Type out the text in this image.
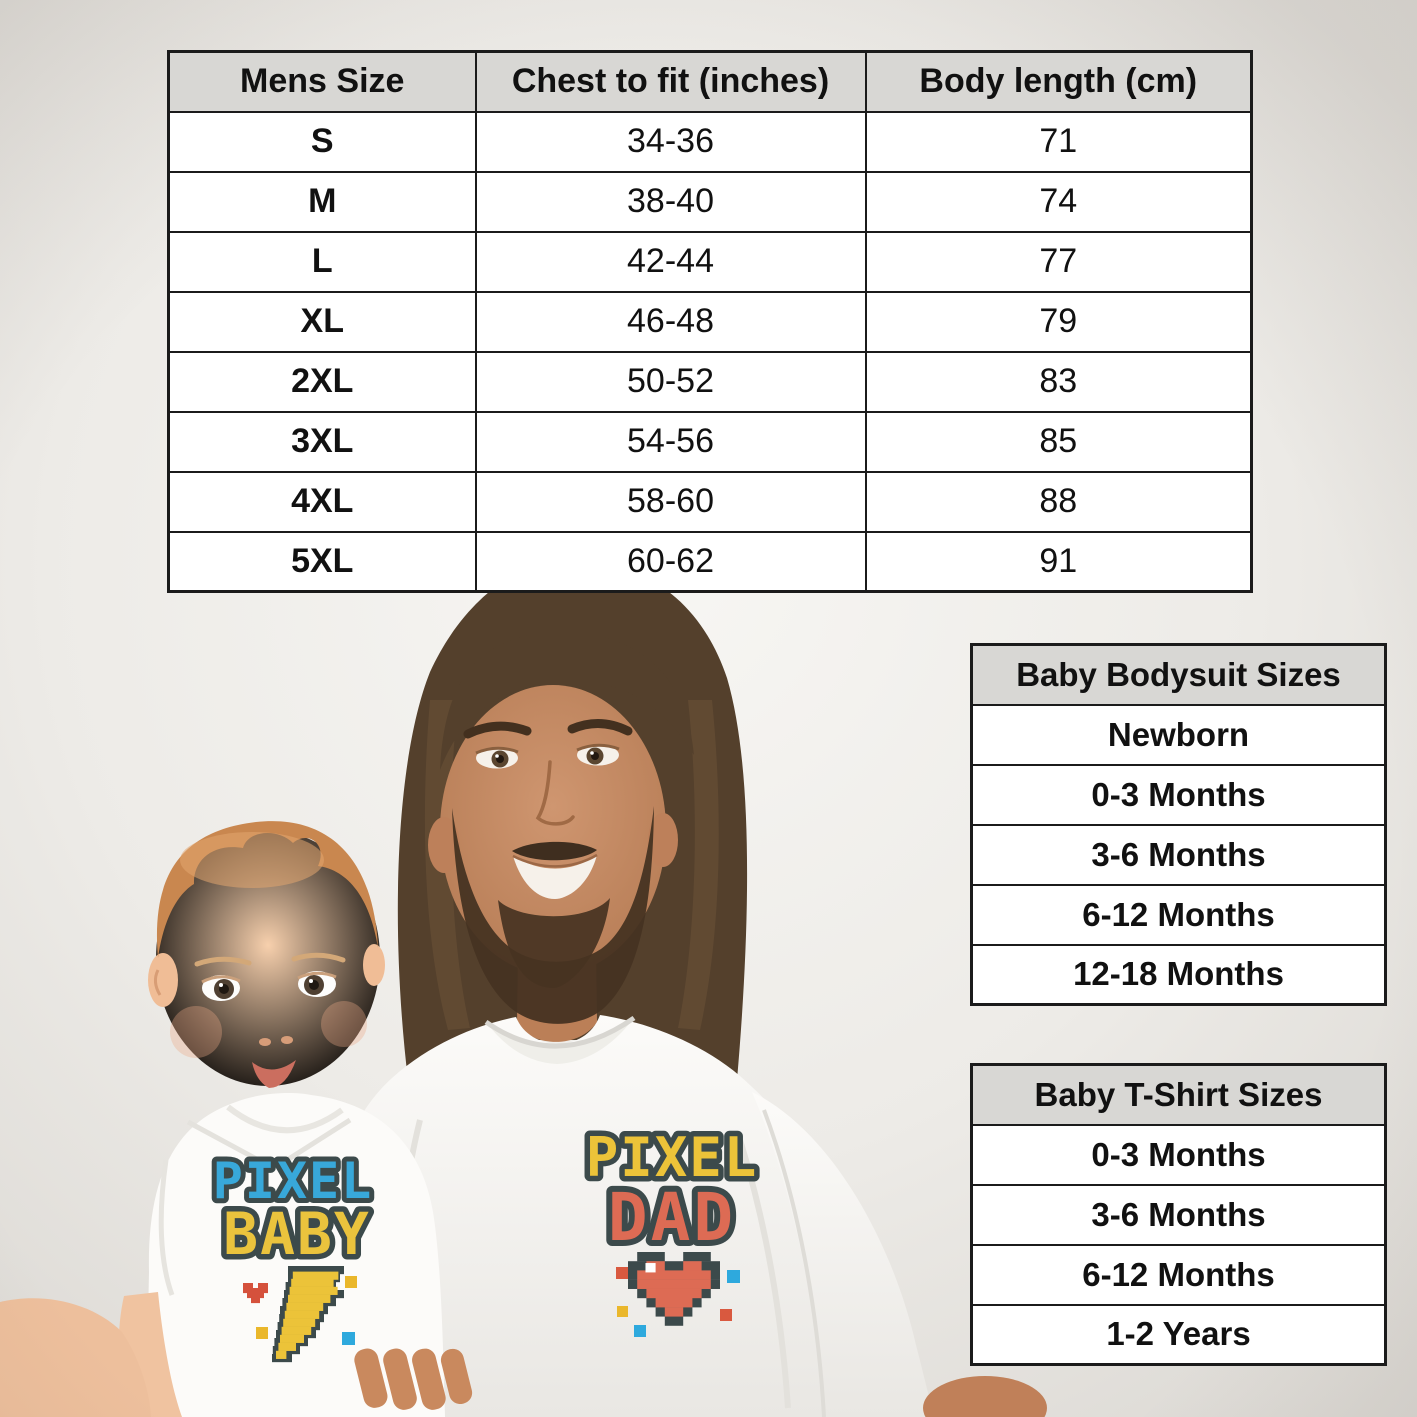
Mens Size	Chest to fit (inches)	Body length (cm)
S	34-36	71
M	38-40	74
L	42-44	77
XL	46-48	79
2XL	50-52	83
3XL	54-56	85
4XL	58-60	88
5XL	60-62	91
Baby Bodysuit Sizes
Newborn
0-3 Months
3-6 Months
6-12 Months
12-18 Months
Baby T-Shirt Sizes
0-3 Months
3-6 Months
6-12 Months
1-2 Years
